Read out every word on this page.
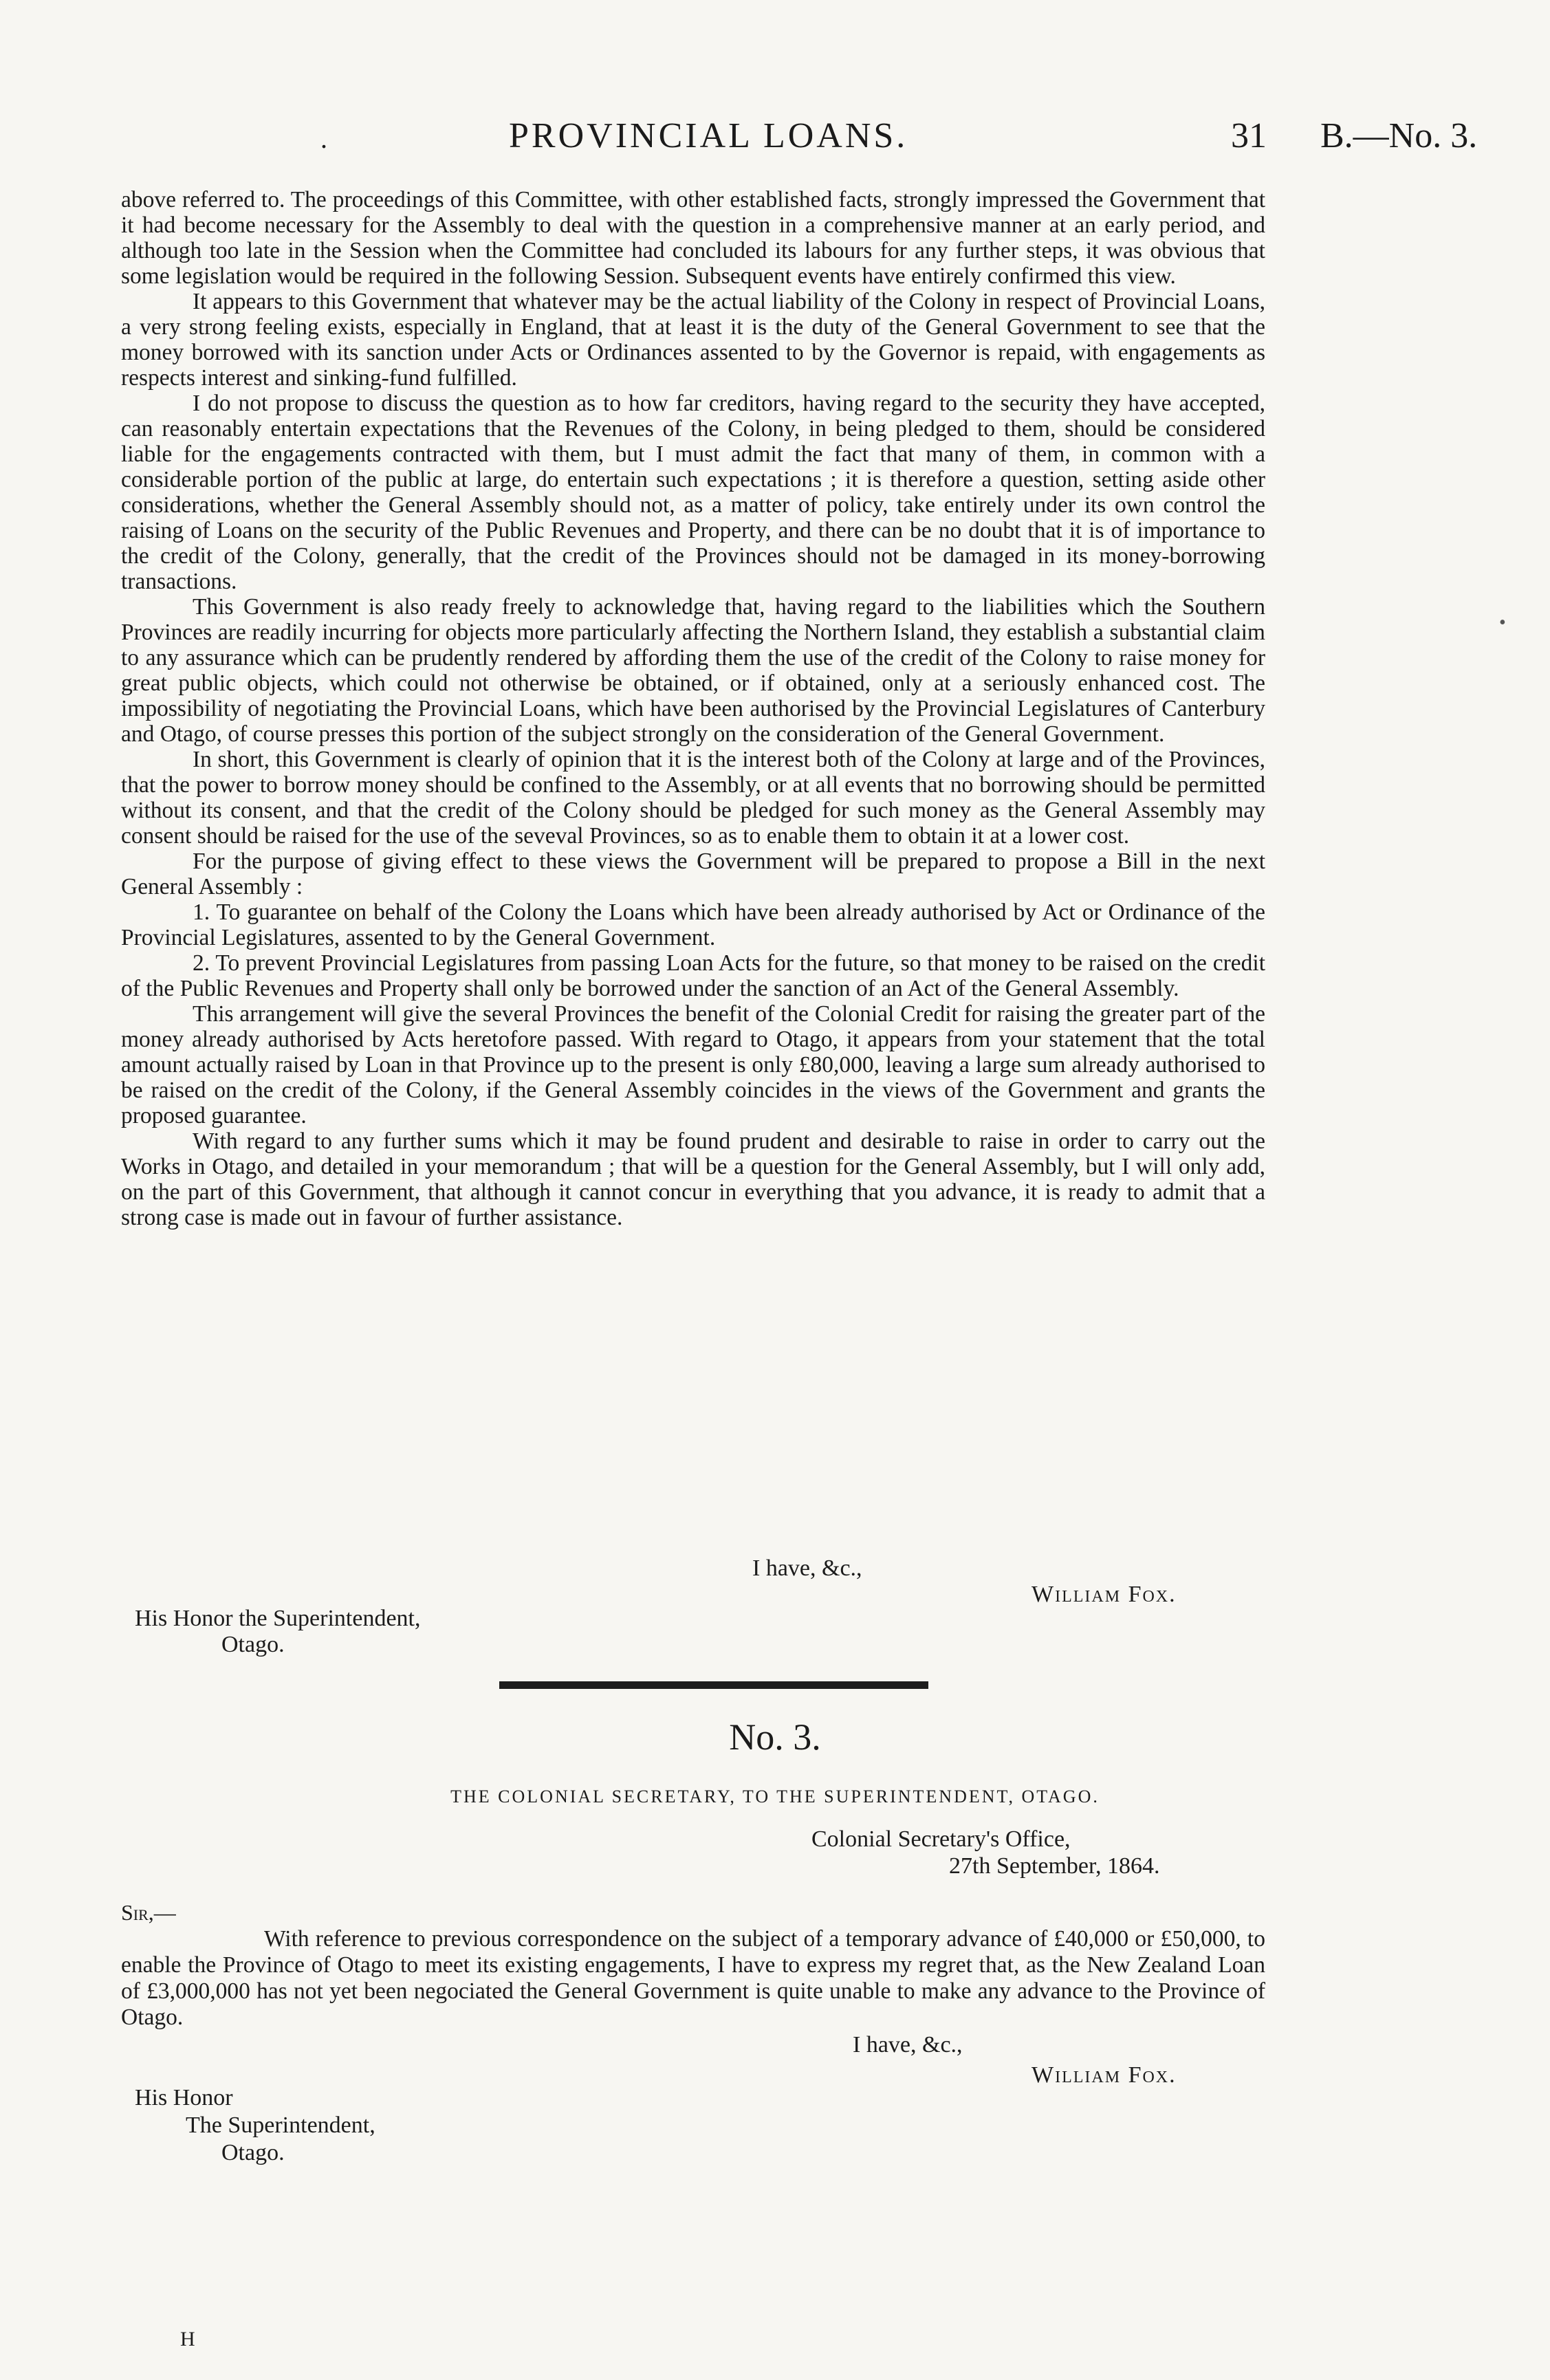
.	PROVINCIAL LOANS.	31 B.—No. 3.

above referred to. The proceedings of this Committee, with other established facts, strongly impressed the Government that it had become necessary for the Assembly to deal with the question in a comprehensive manner at an early period, and although too late in the Session when the Committee had concluded its labours for any further steps, it was obvious that some legislation would be required in the following Session. Subsequent events have entirely confirmed this view.

It appears to this Government that whatever may be the actual liability of the Colony in respect of Provincial Loans, a very strong feeling exists, especially in England, that at least it is the duty of the General Government to see that the money borrowed with its sanction under Acts or Ordinances assented to by the Governor is repaid, with engagements as respects interest and sinking-fund fulfilled.

I do not propose to discuss the question as to how far creditors, having regard to the security they have accepted, can reasonably entertain expectations that the Revenues of the Colony, in being pledged to them, should be considered liable for the engagements contracted with them, but I must admit the fact that many of them, in common with a considerable portion of the public at large, do entertain such expectations ; it is therefore a question, setting aside other considerations, whether the General Assembly should not, as a matter of policy, take entirely under its own control the raising of Loans on the security of the Public Revenues and Property, and there can be no doubt that it is of importance to the credit of the Colony, generally, that the credit of the Provinces should not be damaged in its money-borrowing transactions.

This Government is also ready freely to acknowledge that, having regard to the liabilities which the Southern Provinces are readily incurring for objects more particularly affecting the Northern Island, they establish a substantial claim to any assurance which can be prudently rendered by affording them the use of the credit of the Colony to raise money for great public objects, which could not otherwise be obtained, or if obtained, only at a seriously enhanced cost. The impossibility of negotiating the Provincial Loans, which have been authorised by the Provincial Legislatures of Canterbury and Otago, of course presses this portion of the subject strongly on the consideration of the General Government.

In short, this Government is clearly of opinion that it is the interest both of the Colony at large and of the Provinces, that the power to borrow money should be confined to the Assembly, or at all events that no borrowing should be permitted without its consent, and that the credit of the Colony should be pledged for such money as the General Assembly may consent should be raised for the use of the seveval Provinces, so as to enable them to obtain it at a lower cost.

For the purpose of giving effect to these views the Government will be prepared to propose a Bill in the next General Assembly :

1. To guarantee on behalf of the Colony the Loans which have been already authorised by Act or Ordinance of the Provincial Legislatures, assented to by the General Government.

2. To prevent Provincial Legislatures from passing Loan Acts for the future, so that money to be raised on the credit of the Public Revenues and Property shall only be borrowed under the sanction of an Act of the General Assembly.

This arrangement will give the several Provinces the benefit of the Colonial Credit for raising the greater part of the money already authorised by Acts heretofore passed. With regard to Otago, it appears from your statement that the total amount actually raised by Loan in that Province up to the present is only £80,000, leaving a large sum already authorised to be raised on the credit of the Colony, if the General Assembly coincides in the views of the Government and grants the proposed guarantee.

With regard to any further sums which it may be found prudent and desirable to raise in order to carry out the Works in Otago, and detailed in your memorandum ; that will be a question for the General Assembly, but I will only add, on the part of this Government, that although it cannot concur in everything that you advance, it is ready to admit that a strong case is made out in favour of further assistance.

I have, &c.,
William Fox.
His Honor the Superintendent,
Otago.
No. 3.
THE COLONIAL SECRETARY, TO THE SUPERINTENDENT, OTAGO.
Colonial Secretary's Office,
27th September, 1864.
Sir,—

With reference to previous correspondence on the subject of a temporary advance of £40,000 or £50,000, to enable the Province of Otago to meet its existing engagements, I have to express my regret that, as the New Zealand Loan of £3,000,000 has not yet been negociated the General Government is quite unable to make any advance to the Province of Otago.

I have, &c.,
William Fox.
His Honor
The Superintendent,
Otago.
H
•
